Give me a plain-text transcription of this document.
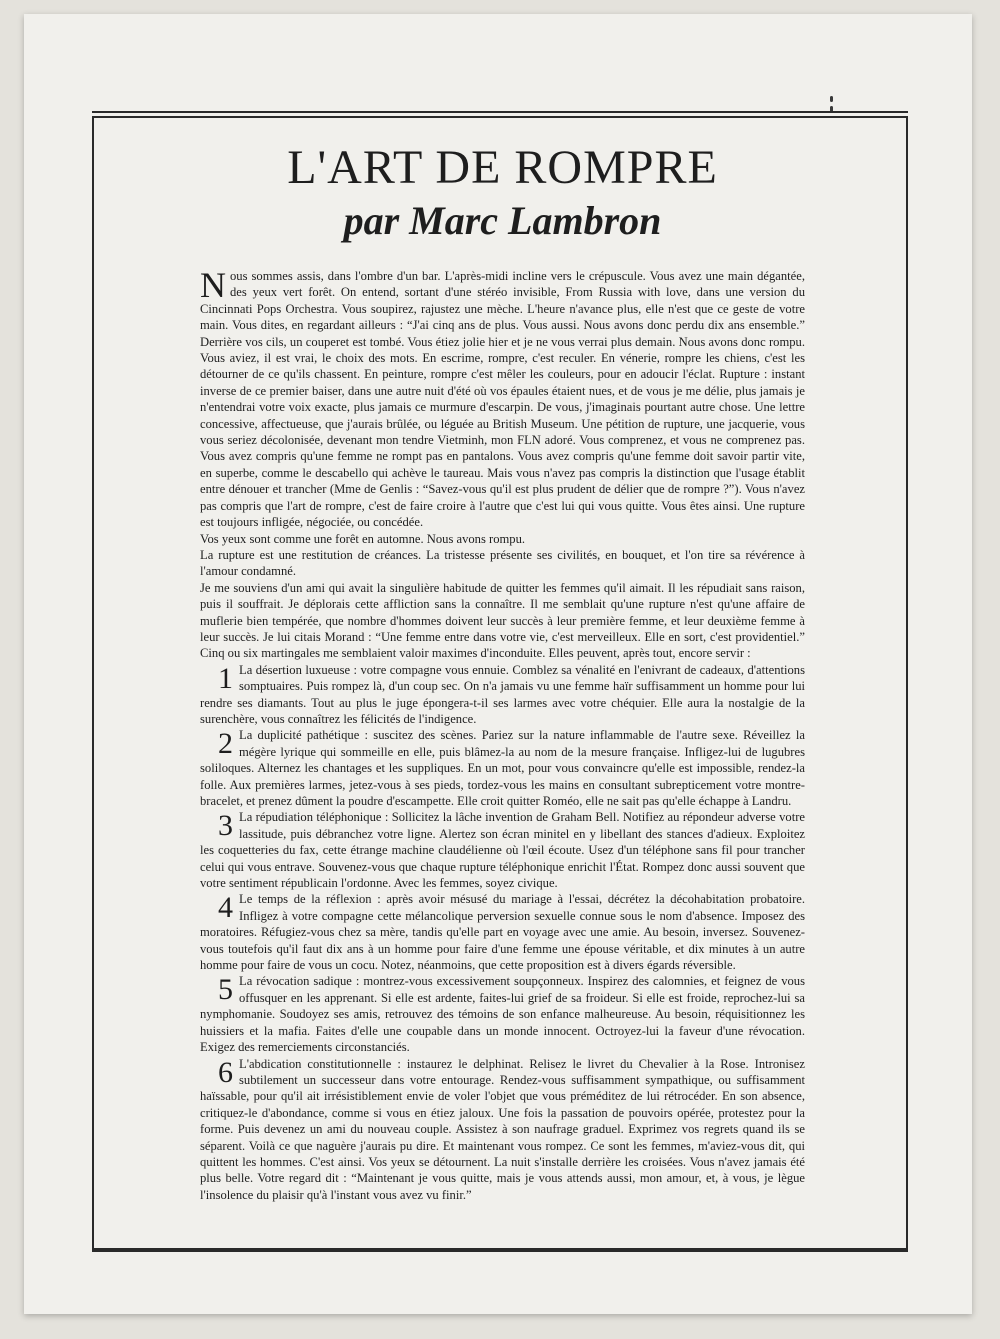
L'ART DE ROMPRE
par Marc Lambron

Nous sommes assis, dans l'ombre d'un bar. L'après-midi incline vers le crépuscule. Vous avez une main dégantée, des yeux vert forêt. On entend, sortant d'une stéréo invisible, From Russia with love, dans une version du Cincinnati Pops Orchestra. Vous soupirez, rajustez une mèche. L'heure n'avance plus, elle n'est que ce geste de votre main. Vous dites, en regardant ailleurs : “J'ai cinq ans de plus. Vous aussi. Nous avons donc perdu dix ans ensemble.” Derrière vos cils, un couperet est tombé. Vous étiez jolie hier et je ne vous verrai plus demain. Nous avons donc rompu. Vous aviez, il est vrai, le choix des mots. En escrime, rompre, c'est reculer. En vénerie, rompre les chiens, c'est les détourner de ce qu'ils chassent. En peinture, rompre c'est mêler les couleurs, pour en adoucir l'éclat. Rupture : instant inverse de ce premier baiser, dans une autre nuit d'été où vos épaules étaient nues, et de vous je me déliе, plus jamais je n'entendrai votre voix exacte, plus jamais ce murmure d'escarpin. De vous, j'imaginais pourtant autre chose. Une lettre concessive, affectueuse, que j'aurais brûlée, ou léguée au British Museum. Une pétition de rupture, une jacquerie, vous vous seriez décolonisée, devenant mon tendre Vietminh, mon FLN adoré. Vous comprenez, et vous ne comprenez pas. Vous avez compris qu'une femme ne rompt pas en pantalons. Vous avez compris qu'une femme doit savoir partir vite, en superbe, comme le descabello qui achève le taureau. Mais vous n'avez pas compris la distinction que l'usage établit entre dénouer et trancher (Mme de Genlis : “Savez-vous qu'il est plus prudent de délier que de rompre ?”). Vous n'avez pas compris que l'art de rompre, c'est de faire croire à l'autre que c'est lui qui vous quitte. Vous êtes ainsi. Une rupture est toujours infligée, négociée, ou concédée.

Vos yeux sont comme une forêt en automne. Nous avons rompu.

La rupture est une restitution de créances. La tristesse présente ses civilités, en bouquet, et l'on tire sa révérence à l'amour condamné.

Je me souviens d'un ami qui avait la singulière habitude de quitter les femmes qu'il aimait. Il les répudiait sans raison, puis il souffrait. Je déplorais cette affliction sans la connaître. Il me semblait qu'une rupture n'est qu'une affaire de muflerie bien tempérée, que nombre d'hommes doivent leur succès à leur première femme, et leur deuxième femme à leur succès. Je lui citais Morand : “Une femme entre dans votre vie, c'est merveilleux. Elle en sort, c'est providentiel.” Cinq ou six martingales me semblaient valoir maximes d'inconduite. Elles peuvent, après tout, encore servir :

1 La désertion luxueuse : votre compagne vous ennuie. Comblez sa vénalité en l'enivrant de cadeaux, d'attentions somptuaires. Puis rompez là, d'un coup sec. On n'a jamais vu une femme haïr suffisamment un homme pour lui rendre ses diamants. Tout au plus le juge épongera-t-il ses larmes avec votre chéquier. Elle aura la nostalgie de la surenchère, vous connaîtrez les félicités de l'indigence.

2 La duplicité pathétique : suscitez des scènes. Pariez sur la nature inflammable de l'autre sexe. Réveillez la mégère lyrique qui sommeille en elle, puis blâmez-la au nom de la mesure française. Infligez-lui de lugubres soliloques. Alternez les chantages et les suppliques. En un mot, pour vous convaincre qu'elle est impossible, rendez-la folle. Aux premières larmes, jetez-vous à ses pieds, tordez-vous les mains en consultant subrepticement votre montre-bracelet, et prenez dûment la poudre d'escampette. Elle croit quitter Roméo, elle ne sait pas qu'elle échappe à Landru.

3 La répudiation téléphonique : Sollicitez la lâche invention de Graham Bell. Notifiez au répondeur adverse votre lassitude, puis débranchez votre ligne. Alertez son écran minitel en y libellant des stances d'adieux. Exploitez les coquetteries du fax, cette étrange machine claudélienne où l'œil écoute. Usez d'un téléphone sans fil pour trancher celui qui vous entrave. Souvenez-vous que chaque rupture téléphonique enrichit l'État. Rompez donc aussi souvent que votre sentiment républicain l'ordonne. Avec les femmes, soyez civique.

4 Le temps de la réflexion : après avoir mésusé du mariage à l'essai, décrétez la décohabitation probatoire. Infligez à votre compagne cette mélancolique perversion sexuelle connue sous le nom d'absence. Imposez des moratoires. Réfugiez-vous chez sa mère, tandis qu'elle part en voyage avec une amie. Au besoin, inversez. Souvenez-vous toutefois qu'il faut dix ans à un homme pour faire d'une femme une épouse véritable, et dix minutes à un autre homme pour faire de vous un cocu. Notez, néanmoins, que cette proposition est à divers égards réversible.

5 La révocation sadique : montrez-vous excessivement soupçonneux. Inspirez des calomnies, et feignez de vous offusquer en les apprenant. Si elle est ardente, faites-lui grief de sa froideur. Si elle est froide, reprochez-lui sa nymphomanie. Soudoyez ses amis, retrouvez des témoins de son enfance malheureuse. Au besoin, réquisitionnez les huissiers et la mafia. Faites d'elle une coupable dans un monde innocent. Octroyez-lui la faveur d'une révocation. Exigez des remerciements circonstanciés.

6 L'abdication constitutionnelle : instaurez le delphinat. Relisez le livret du Chevalier à la Rose. Intronisez subtilement un successeur dans votre entourage. Rendez-vous suffisamment sympathique, ou suffisamment haïssable, pour qu'il ait irrésistiblement envie de voler l'objet que vous préméditez de lui rétrocéder. En son absence, critiquez-le d'abondance, comme si vous en étiez jaloux. Une fois la passation de pouvoirs opérée, protestez pour la forme. Puis devenez un ami du nouveau couple. Assistez à son naufrage graduel. Exprimez vos regrets quand ils se séparent. Voilà ce que naguère j'aurais pu dire. Et maintenant vous rompez. Ce sont les femmes, m'aviez-vous dit, qui quittent les hommes. C'est ainsi. Vos yeux se détournent. La nuit s'installe derrière les croisées. Vous n'avez jamais été plus belle. Votre regard dit : “Maintenant je vous quitte, mais je vous attends aussi, mon amour, et, à vous, je lègue l'insolence du plaisir qu'à l'instant vous avez vu finir.”
